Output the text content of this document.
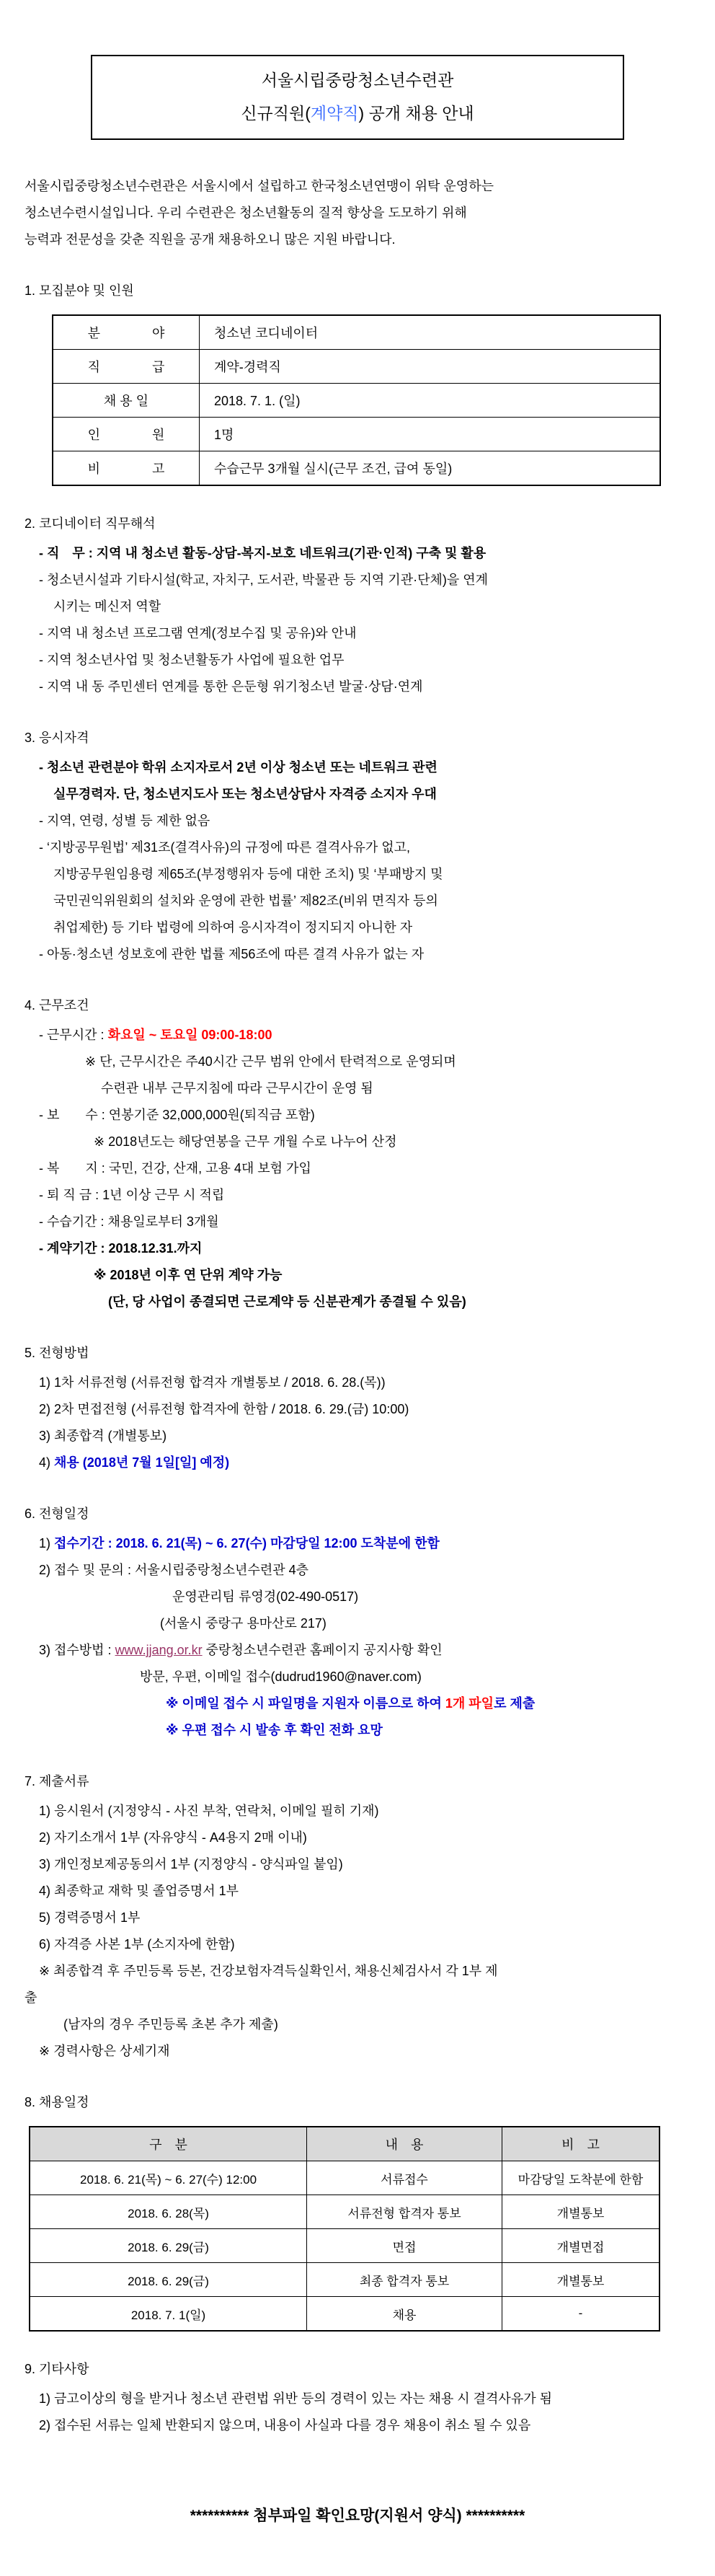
서울시립중랑청소년수련관
신규직원(계약직) 공개 채용 안내
서울시립중랑청소년수련관은 서울시에서 설립하고 한국청소년연맹이 위탁 운영하는
청소년수련시설입니다. 우리 수련관은 청소년활동의 질적 향상을 도모하기 위해
능력과 전문성을 갖춘 직원을 공개 채용하오니 많은 지원 바랍니다.
1. 모집분야 및 인원
분　　　　야	청소년 코디네이터
직　　　　급	계약-경력직
채 용 일	2018. 7. 1. (일)
인　　　　원	1명
비　　　　고	수습근무 3개월 실시(근무 조건, 급여 동일)
2. 코디네이터 직무해석
- 직　무 : 지역 내 청소년 활동-상담-복지-보호 네트워크(기관·인적) 구축 및 활용
- 청소년시설과 기타시설(학교, 자치구, 도서관, 박물관 등 지역 기관·단체)을 연계
시키는 메신저 역할
- 지역 내 청소년 프로그램 연계(정보수집 및 공유)와 안내
- 지역 청소년사업 및 청소년활동가 사업에 필요한 업무
- 지역 내 동 주민센터 연계를 통한 은둔형 위기청소년 발굴·상담·연계
3. 응시자격
- 청소년 관련분야 학위 소지자로서 2년 이상 청소년 또는 네트워크 관련
실무경력자. 단, 청소년지도사 또는 청소년상담사 자격증 소지자 우대
- 지역, 연령, 성별 등 제한 없음
- ‘지방공무원법’ 제31조(결격사유)의 규정에 따른 결격사유가 없고,
지방공무원임용령 제65조(부정행위자 등에 대한 조치) 및 ‘부패방지 및
국민권익위원회의 설치와 운영에 관한 법률’ 제82조(비위 면직자 등의
취업제한) 등 기타 법령에 의하여 응시자격이 정지되지 아니한 자
- 아동·청소년 성보호에 관한 법률 제56조에 따른 결격 사유가 없는 자
4. 근무조건
- 근무시간 : 화요일 ~ 토요일 09:00-18:00
※ 단, 근무시간은 주40시간 근무 범위 안에서 탄력적으로 운영되며
수련관 내부 근무지침에 따라 근무시간이 운영 됨
- 보　　수 : 연봉기준 32,000,000원(퇴직금 포함)
※ 2018년도는 해당연봉을 근무 개월 수로 나누어 산정
- 복　　지 : 국민, 건강, 산재, 고용 4대 보험 가입
- 퇴 직 금 : 1년 이상 근무 시 적립
- 수습기간 : 채용일로부터 3개월
- 계약기간 : 2018.12.31.까지
※ 2018년 이후 연 단위 계약 가능
(단, 당 사업이 종결되면 근로계약 등 신분관계가 종결될 수 있음)
5. 전형방법
1) 1차 서류전형 (서류전형 합격자 개별통보 / 2018. 6. 28.(목))
2) 2차 면접전형 (서류전형 합격자에 한함 / 2018. 6. 29.(금) 10:00)
3) 최종합격 (개별통보)
4) 채용 (2018년 7월 1일[일] 예정)
6. 전형일정
1) 접수기간 : 2018. 6. 21(목) ~ 6. 27(수) 마감당일 12:00 도착분에 한함
2) 접수 및 문의 : 서울시립중랑청소년수련관 4층
운영관리팀 류영경(02-490-0517)
(서울시 중랑구 용마산로 217)
3) 접수방법 : www.jjang.or.kr 중랑청소년수련관 홈페이지 공지사항 확인
방문, 우편, 이메일 접수(dudrud1960@naver.com)
※ 이메일 접수 시 파일명을 지원자 이름으로 하여 1개 파일로 제출
※ 우편 접수 시 발송 후 확인 전화 요망
7. 제출서류
1) 응시원서 (지정양식 - 사진 부착, 연락처, 이메일 필히 기재)
2) 자기소개서 1부 (자유양식 - A4용지 2매 이내)
3) 개인정보제공동의서 1부 (지정양식 - 양식파일 붙임)
4) 최종학교 재학 및 졸업증명서 1부
5) 경력증명서 1부
6) 자격증 사본 1부 (소지자에 한함)
※ 최종합격 후 주민등록 등본, 건강보험자격득실확인서, 채용신체검사서 각 1부 제
출
(남자의 경우 주민등록 초본 추가 제출)
※ 경력사항은 상세기재
8. 채용일정
구　분	내　용	비　고
2018. 6. 21(목) ~ 6. 27(수) 12:00	서류접수	마감당일 도착분에 한함
2018. 6. 28(목)	서류전형 합격자 통보	개별통보
2018. 6. 29(금)	면접	개별면접
2018. 6. 29(금)	최종 합격자 통보	개별통보
2018. 7. 1(일)	채용	-
9. 기타사항
1) 금고이상의 형을 받거나 청소년 관련법 위반 등의 경력이 있는 자는 채용 시 결격사유가 됨
2) 접수된 서류는 일체 반환되지 않으며, 내용이 사실과 다를 경우 채용이 취소 될 수 있음
********** 첨부파일 확인요망(지원서 양식) **********
